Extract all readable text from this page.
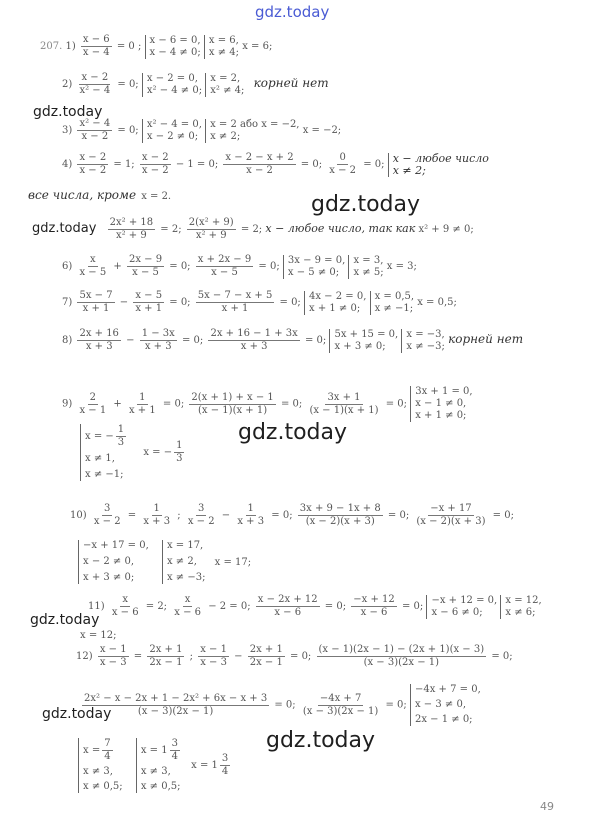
gdz.today
207. $1) \frac{x - 6}{x - 4} = 0$ ;
x − 6 = 0,
x − 4 ≠ 0;

x = 6,
x ≠ 4; x = 6;
$2) \frac{x - 2}{\text{x² − 4}} = 0$;
x − 2 = 0,
x² − 4 ≠ 0;

x = 2,
x² ≠ 4; корней нет
gdz.today
$3) \frac{\text{x² − 4}}{x - 2} = 0$;
x² − 4 = 0,
x − 2 ≠ 0;

x = 2 або x = −2,
x ≠ 2;	x = −2;
$4) \frac{x - 2}{x - 2} = 1$; $\frac{x - 2}{x - 2} - 1 = 0$; $\frac{x - 2 - x + 2}{x - 2} = 0$; $\frac{0}{x - 2} = 0$; x − любое число
x ≠ 2;
все числа, кроме x = 2.	gdz.today
gdz.today $\frac{\text{2x² + 18}}{\text{x² + 9}} = 2$; $\frac{\text{2(x² + 9)}}{\text{x² + 9}} = 2$; x − любое число, так как x² + 9 ≠ 0;
$6) \frac{x}{x - 5} + \frac{2x - 9}{x - 5} = 0$; $\frac{x + 2x - 9}{x - 5} = 0$;
3x − 9 = 0,
x − 5 ≠ 0;

x = 3,
x ≠ 5; x = 3;
$7) \frac{5x - 7}{x + 1} - \frac{x - 5}{x + 1} = 0$; $\frac{5x - 7 - x + 5}{x + 1} = 0$;
4x − 2 = 0,
x + 1 ≠ 0;

x = 0,5,
x ≠ −1; x = 0,5;
$8) \frac{2x + 16}{x + 3} - \frac{1 - 3x}{x + 3} = 0$; $\frac{2x + 16 - 1 + 3x}{x + 3} = 0$;
5x + 15 = 0,
x + 3 ≠ 0;

x = −3,
x ≠ −3; корней нет
$9) \frac{2}{x - 1} + \frac{1}{x + 1} = 0$; $\frac{2(x + 1) + x - 1}{(x - 1)(x + 1)} = 0$; $\frac{3x + 1}{(x - 1)(x + 1)} = 0$;
3x + 1 = 0,
x − 1 ≠ 0,
x + 1 ≠ 0;
x = − $\frac{1}{3}$
x ≠ 1,
x ≠ −1;
x = − $\frac{1}{3}$
gdz.today
$10) \frac{3}{x - 2} = \frac{1}{x + 3}$ ; $\frac{3}{x - 2} - \frac{1}{x + 3} = 0$; $\frac{3x + 9 - 1x + 8}{(x - 2)(x + 3)} = 0$; $\frac{-x + 17}{(x - 2)(x + 3)} = 0$;
−x + 17 = 0,
x − 2 ≠ 0,
x + 3 ≠ 0;

x = 17,
x ≠ 2,
x ≠ −3;
x = 17;
$11) \frac{x}{x - 6} = 2$; $\frac{x}{x - 6} - 2 = 0$; $\frac{x - 2x + 12}{x - 6} = 0$; $\frac{-x + 12}{x - 6} = 0$;
−x + 12 = 0,
x − 6 ≠ 0;

x = 12,
x ≠ 6;
gdz.today
x = 12;
$12) \frac{x - 1}{x - 3} = \frac{2x + 1}{2x - 1}$ ; $\frac{x - 1}{x - 3} - \frac{2x + 1}{2x - 1} = 0$; $\frac{(x - 1)(2x - 1) - (2x + 1)(x - 3)}{(x - 3)(2x - 1)} = 0$;
$\frac{\text{2x² − x − 2x + 1 − 2x² + 6x − x + 3}}{(x - 3)(2x - 1)} = 0$; $\frac{-4x + 7}{(x - 3)(2x - 1)} = 0$;
−4x + 7 = 0,
x − 3 ≠ 0,
2x − 1 ≠ 0;
gdz.today
gdz.today
$x = \frac{7}{4}$
x ≠ 3,
x ≠ 0,5;

$x = 1 \frac{3}{4}$
x ≠ 3,
x ≠ 0,5;
$x = 1 \frac{3}{4}$
gdz.today
49
